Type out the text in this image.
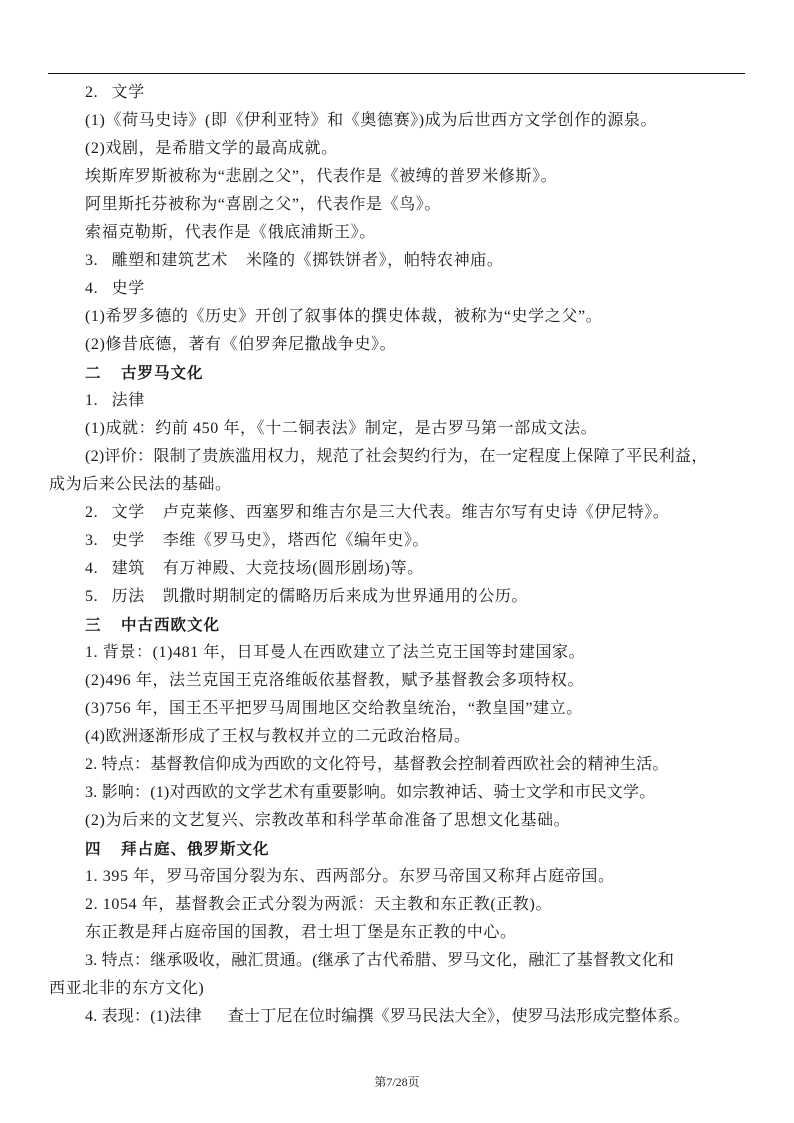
2. 文学
(1)《荷马史诗》(即《伊利亚特》和《奥德赛》)成为后世西方文学创作的源泉。
(2)戏剧，是希腊文学的最高成就。
埃斯库罗斯被称为“悲剧之父”，代表作是《被缚的普罗米修斯》。
阿里斯托芬被称为“喜剧之父”，代表作是《鸟》。
索福克勒斯，代表作是《俄底浦斯王》。
3. 雕塑和建筑艺术 米隆的《掷铁饼者》，帕特农神庙。
4. 史学
(1)希罗多德的《历史》开创了叙事体的撰史体裁，被称为“史学之父”。
(2)修昔底德，著有《伯罗奔尼撒战争史》。
二 古罗马文化
1. 法律
(1)成就：约前 450 年，《十二铜表法》制定，是古罗马第一部成文法。
(2)评价：限制了贵族滥用权力，规范了社会契约行为，在一定程度上保障了平民利益，
成为后来公民法的基础。
2. 文学 卢克莱修、西塞罗和维吉尔是三大代表。维吉尔写有史诗《伊尼特》。
3. 史学 李维《罗马史》，塔西佗《编年史》。
4. 建筑 有万神殿、大竞技场(圆形剧场)等。
5. 历法 凯撒时期制定的儒略历后来成为世界通用的公历。
三 中古西欧文化
1. 背景：(1)481 年，日耳曼人在西欧建立了法兰克王国等封建国家。
(2)496 年，法兰克国王克洛维皈依基督教，赋予基督教会多项特权。
(3)756 年，国王丕平把罗马周围地区交给教皇统治，“教皇国”建立。
(4)欧洲逐渐形成了王权与教权并立的二元政治格局。
2. 特点：基督教信仰成为西欧的文化符号，基督教会控制着西欧社会的精神生活。
3. 影响：(1)对西欧的文学艺术有重要影响。如宗教神话、骑士文学和市民文学。
(2)为后来的文艺复兴、宗教改革和科学革命准备了思想文化基础。
四 拜占庭、俄罗斯文化
1. 395 年，罗马帝国分裂为东、西两部分。东罗马帝国又称拜占庭帝国。
2. 1054 年，基督教会正式分裂为两派：天主教和东正教(正教)。
东正教是拜占庭帝国的国教，君士坦丁堡是东正教的中心。
3. 特点：继承吸收，融汇贯通。(继承了古代希腊、罗马文化，融汇了基督教文化和
西亚北非的东方文化)
4. 表现：(1)法律 查士丁尼在位时编撰《罗马民法大全》，使罗马法形成完整体系。
第7/28页
